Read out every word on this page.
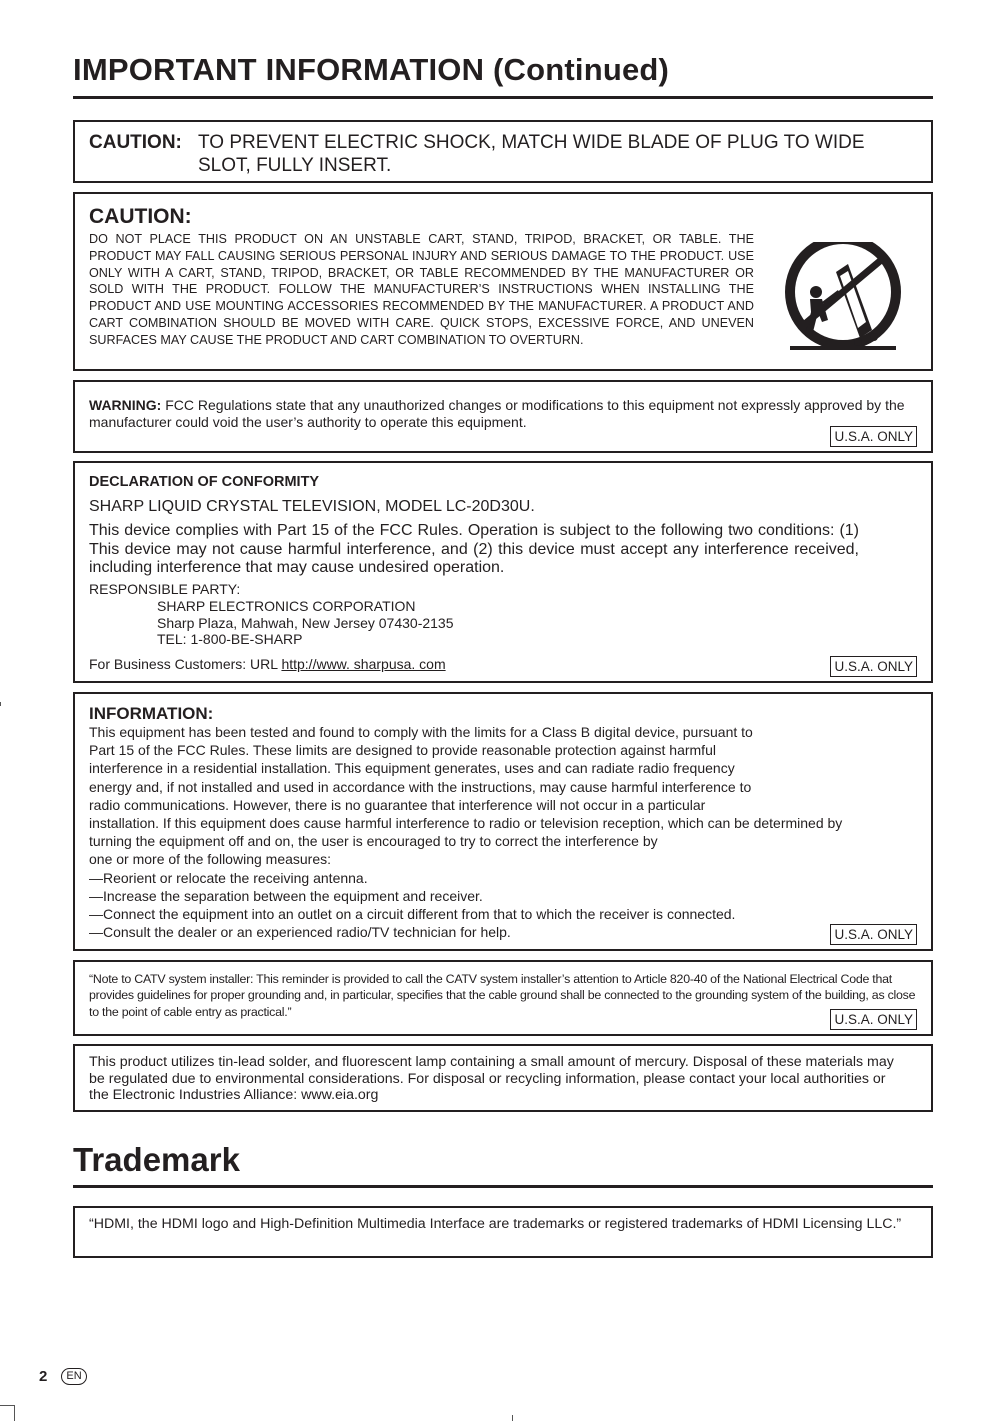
IMPORTANT INFORMATION (Continued)
CAUTION: TO PREVENT ELECTRIC SHOCK, MATCH WIDE BLADE OF PLUG TO WIDE SLOT, FULLY INSERT.
CAUTION:
DO NOT PLACE THIS PRODUCT ON AN UNSTABLE CART, STAND, TRIPOD, BRACKET, OR TABLE. THE PRODUCT MAY FALL CAUSING SERIOUS PERSONAL INJURY AND SERIOUS DAMAGE TO THE PRODUCT. USE ONLY WITH A CART, STAND, TRIPOD, BRACKET, OR TABLE RECOMMENDED BY THE MANUFACTURER OR SOLD WITH THE PRODUCT. FOLLOW THE MANUFACTURER’S INSTRUCTIONS WHEN INSTALLING THE PRODUCT AND USE MOUNTING ACCESSORIES RECOMMENDED BY THE MANUFACTURER. A PRODUCT AND CART COMBINATION SHOULD BE MOVED WITH CARE. QUICK STOPS, EXCESSIVE FORCE, AND UNEVEN SURFACES MAY CAUSE THE PRODUCT AND CART COMBINATION TO OVERTURN.
WARNING: FCC Regulations state that any unauthorized changes or modifications to this equipment not expressly approved by the manufacturer could void the user’s authority to operate this equipment.
U.S.A. ONLY
DECLARATION OF CONFORMITY
SHARP LIQUID CRYSTAL TELEVISION, MODEL LC-20D30U.
This device complies with Part 15 of the FCC Rules. Operation is subject to the following two conditions: (1) This device may not cause harmful interference, and (2) this device must accept any interference received, including interference that may cause undesired operation.
RESPONSIBLE PARTY:
SHARP ELECTRONICS CORPORATION
Sharp Plaza, Mahwah, New Jersey 07430-2135
TEL: 1-800-BE-SHARP
For Business Customers: URL http://www. sharpusa. com	U.S.A. ONLY
INFORMATION:
This equipment has been tested and found to comply with the limits for a Class B digital device, pursuant to
Part 15 of the FCC Rules. These limits are designed to provide reasonable protection against harmful
interference in a residential installation. This equipment generates, uses and can radiate radio frequency
energy and, if not installed and used in accordance with the instructions, may cause harmful interference to
radio communications. However, there is no guarantee that interference will not occur in a particular
installation. If this equipment does cause harmful interference to radio or television reception, which can be determined by
turning the equipment off and on, the user is encouraged to try to correct the interference by
one or more of the following measures:
—Reorient or relocate the receiving antenna.
—Increase the separation between the equipment and receiver.
—Connect the equipment into an outlet on a circuit different from that to which the receiver is connected.
—Consult the dealer or an experienced radio/TV technician for help.	U.S.A. ONLY
“Note to CATV system installer: This reminder is provided to call the CATV system installer’s attention to Article 820-40 of the National Electrical Code that provides guidelines for proper grounding and, in particular, specifies that the cable ground shall be connected to the grounding system of the building, as close to the point of cable entry as practical.”
U.S.A. ONLY
This product utilizes tin-lead solder, and fluorescent lamp containing a small amount of mercury. Disposal of these materials may be regulated due to environmental considerations. For disposal or recycling information, please contact your local authorities or the Electronic Industries Alliance: www.eia.org
Trademark
“HDMI, the HDMI logo and High-Definition Multimedia Interface are trademarks or registered trademarks of HDMI Licensing LLC.”
2	EN
